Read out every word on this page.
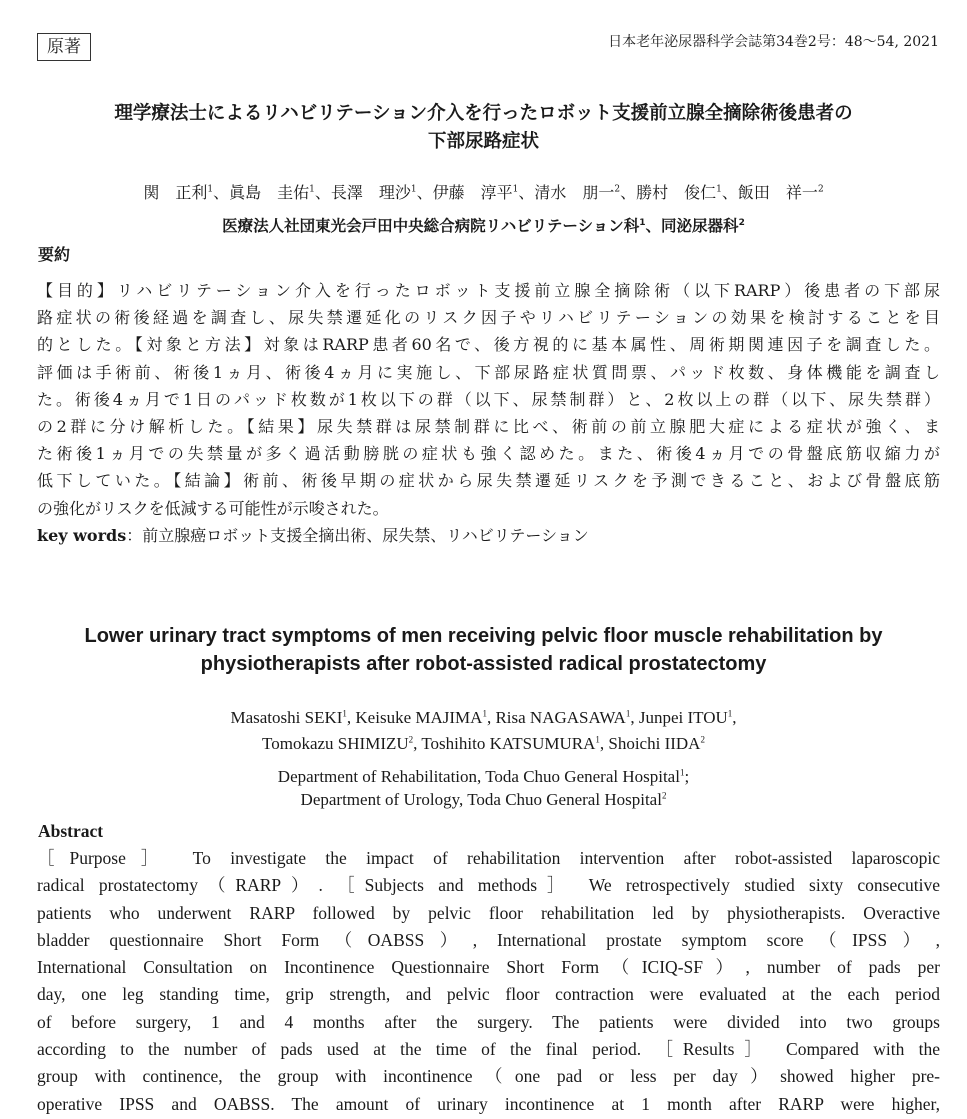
原著	日本老年泌尿器科学会誌第34巻2号：48〜54, 2021
理学療法士によるリハビリテーション介入を行ったロボット支援前立腺全摘除術後患者の
下部尿路症状
関　正利$^1$、眞島　圭佑$^1$、長澤　理沙$^1$、伊藤　淳平$^1$、清水　朋一$^2$、勝村　俊仁$^1$、飯田　祥一$^2$
医療法人社団東光会戸田中央総合病院リハビリテーション科$^1$、同泌尿器科$^2$
要約
【目的】リハビリテーション介入を行ったロボット支援前立腺全摘除術（以下RARP）後患者の下部尿
路症状の術後経過を調査し、尿失禁遷延化のリスク因子やリハビリテーションの効果を検討することを目
的とした。【対象と方法】対象はRARP患者60名で、後方視的に基本属性、周術期関連因子を調査した。
評価は手術前、術後1ヵ月、術後4ヵ月に実施し、下部尿路症状質問票、パッド枚数、身体機能を調査し
た。術後4ヵ月で1日のパッド枚数が1枚以下の群（以下、尿禁制群）と、2枚以上の群（以下、尿失禁群）
の2群に分け解析した。【結果】尿失禁群は尿禁制群に比べ、術前の前立腺肥大症による症状が強く、ま
た術後1ヵ月での失禁量が多く過活動膀胱の症状も強く認めた。また、術後4ヵ月での骨盤底筋収縮力が
低下していた。【結論】術前、術後早期の症状から尿失禁遷延リスクを予測できること、および骨盤底筋
の強化がリスクを低減する可能性が示唆された。
key words：前立腺癌ロボット支援全摘出術、尿失禁、リハビリテーション
Lower urinary tract symptoms of men receiving pelvic floor muscle rehabilitation by
physiotherapists after robot-assisted radical prostatectomy
Masatoshi SEKI$^1$, Keisuke MAJIMA$^1$, Risa NAGASAWA$^1$, Junpei ITOU$^1$,
Tomokazu SHIMIZU$^2$, Toshihito KATSUMURA$^1$, Shoichi IIDA$^2$
Department of Rehabilitation, Toda Chuo General Hospital$^1$;
Department of Urology, Toda Chuo General Hospital$^2$
Abstract
［Purpose］ To investigate the impact of rehabilitation intervention after robot-assisted laparoscopic
radical prostatectomy（RARP）. ［Subjects and methods］ We retrospectively studied sixty consecutive
patients who underwent RARP followed by pelvic floor rehabilitation led by physiotherapists. Overactive
bladder questionnaire Short Form（OABSS）, International prostate symptom score（IPSS）,
International Consultation on Incontinence Questionnaire Short Form（ICIQ-SF）, number of pads per
day, one leg standing time, grip strength, and pelvic floor contraction were evaluated at the each period
of before surgery, 1 and 4 months after the surgery. The patients were divided into two groups
according to the number of pads used at the time of the final period. ［Results］ Compared with the
group with continence, the group with incontinence（one pad or less per day）showed higher pre-
operative IPSS and OABSS. The amount of urinary incontinence at 1 month after RARP were higher,
